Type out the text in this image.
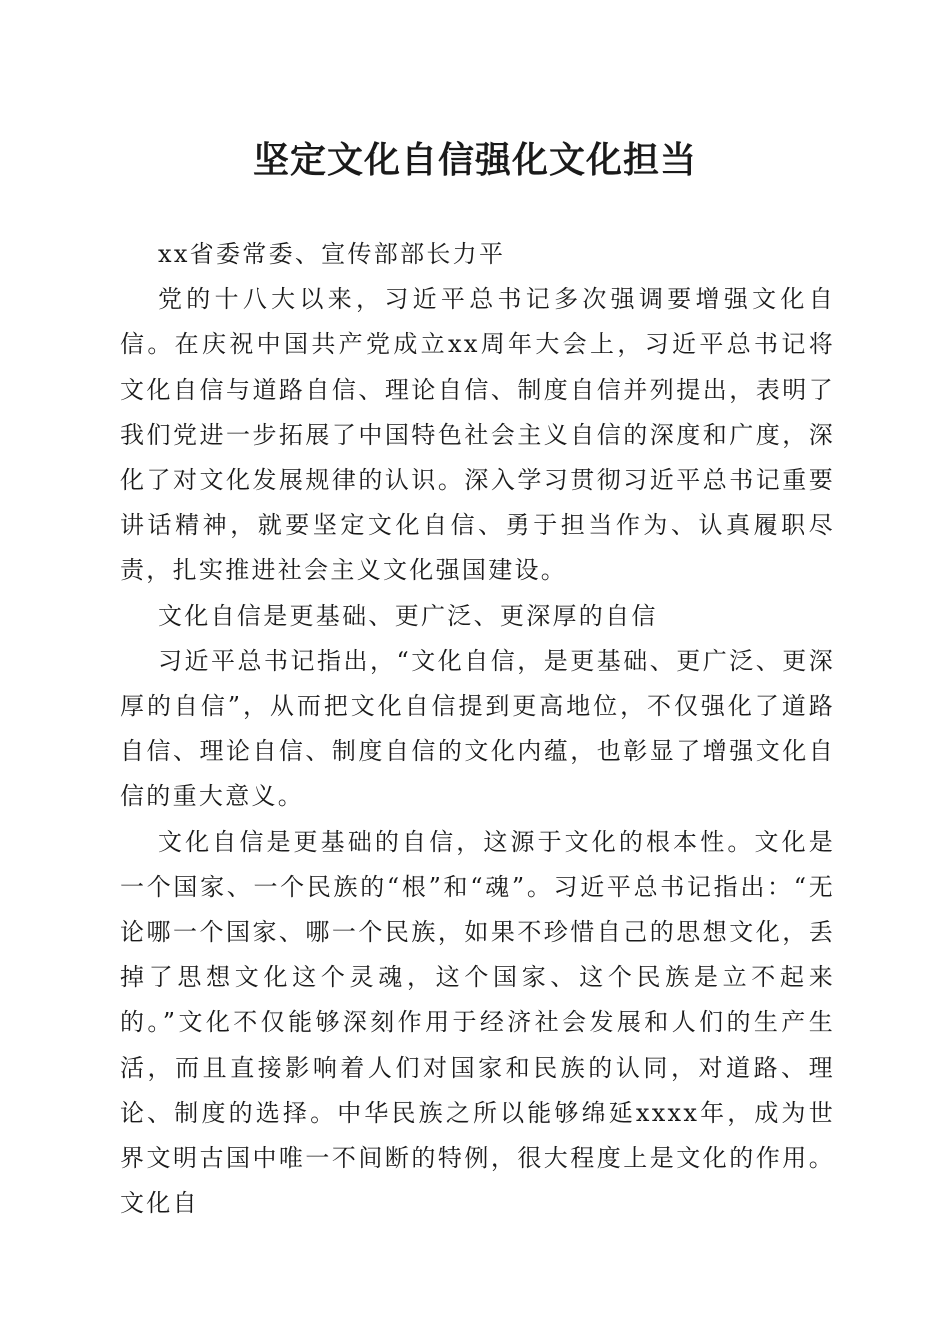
坚定文化自信强化文化担当

xx省委常委、宣传部部长力平

党的十八大以来，习近平总书记多次强调要增强文化自信。在庆祝中国共产党成立xx周年大会上，习近平总书记将文化自信与道路自信、理论自信、制度自信并列提出，表明了我们党进一步拓展了中国特色社会主义自信的深度和广度，深化了对文化发展规律的认识。深入学习贯彻习近平总书记重要讲话精神，就要坚定文化自信、勇于担当作为、认真履职尽责，扎实推进社会主义文化强国建设。

文化自信是更基础、更广泛、更深厚的自信

习近平总书记指出，“文化自信，是更基础、更广泛、更深厚的自信”，从而把文化自信提到更高地位，不仅强化了道路自信、理论自信、制度自信的文化内蕴，也彰显了增强文化自信的重大意义。

文化自信是更基础的自信，这源于文化的根本性。文化是一个国家、一个民族的“根”和“魂”。习近平总书记指出：“无论哪一个国家、哪一个民族，如果不珍惜自己的思想文化，丢掉了思想文化这个灵魂，这个国家、这个民族是立不起来的。”文化不仅能够深刻作用于经济社会发展和人们的生产生活，而且直接影响着人们对国家和民族的认同，对道路、理论、制度的选择。中华民族之所以能够绵延xxxx年，成为世界文明古国中唯一不间断的特例，很大程度上是文化的作用。文化自
